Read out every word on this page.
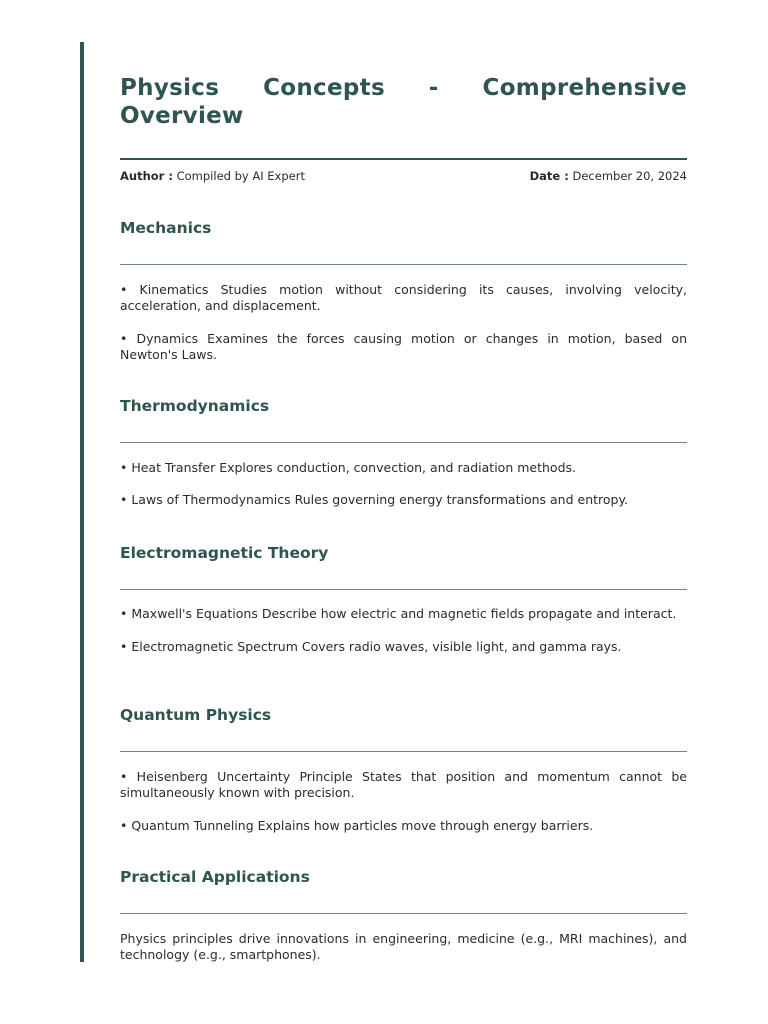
Physics Concepts - Comprehensive Overview
Author : Compiled by AI Expert	Date : December 20, 2024
Mechanics

• Kinematics Studies motion without considering its causes, involving velocity, acceleration, and displacement.

• Dynamics Examines the forces causing motion or changes in motion, based on Newton's Laws.

Thermodynamics

• Heat Transfer Explores conduction, convection, and radiation methods.

• Laws of Thermodynamics Rules governing energy transformations and entropy.

Electromagnetic Theory

• Maxwell's Equations Describe how electric and magnetic fields propagate and interact.

• Electromagnetic Spectrum Covers radio waves, visible light, and gamma rays.

Quantum Physics

• Heisenberg Uncertainty Principle States that position and momentum cannot be simultaneously known with precision.

• Quantum Tunneling Explains how particles move through energy barriers.

Practical Applications

Physics principles drive innovations in engineering, medicine (e.g., MRI machines), and technology (e.g., smartphones).
